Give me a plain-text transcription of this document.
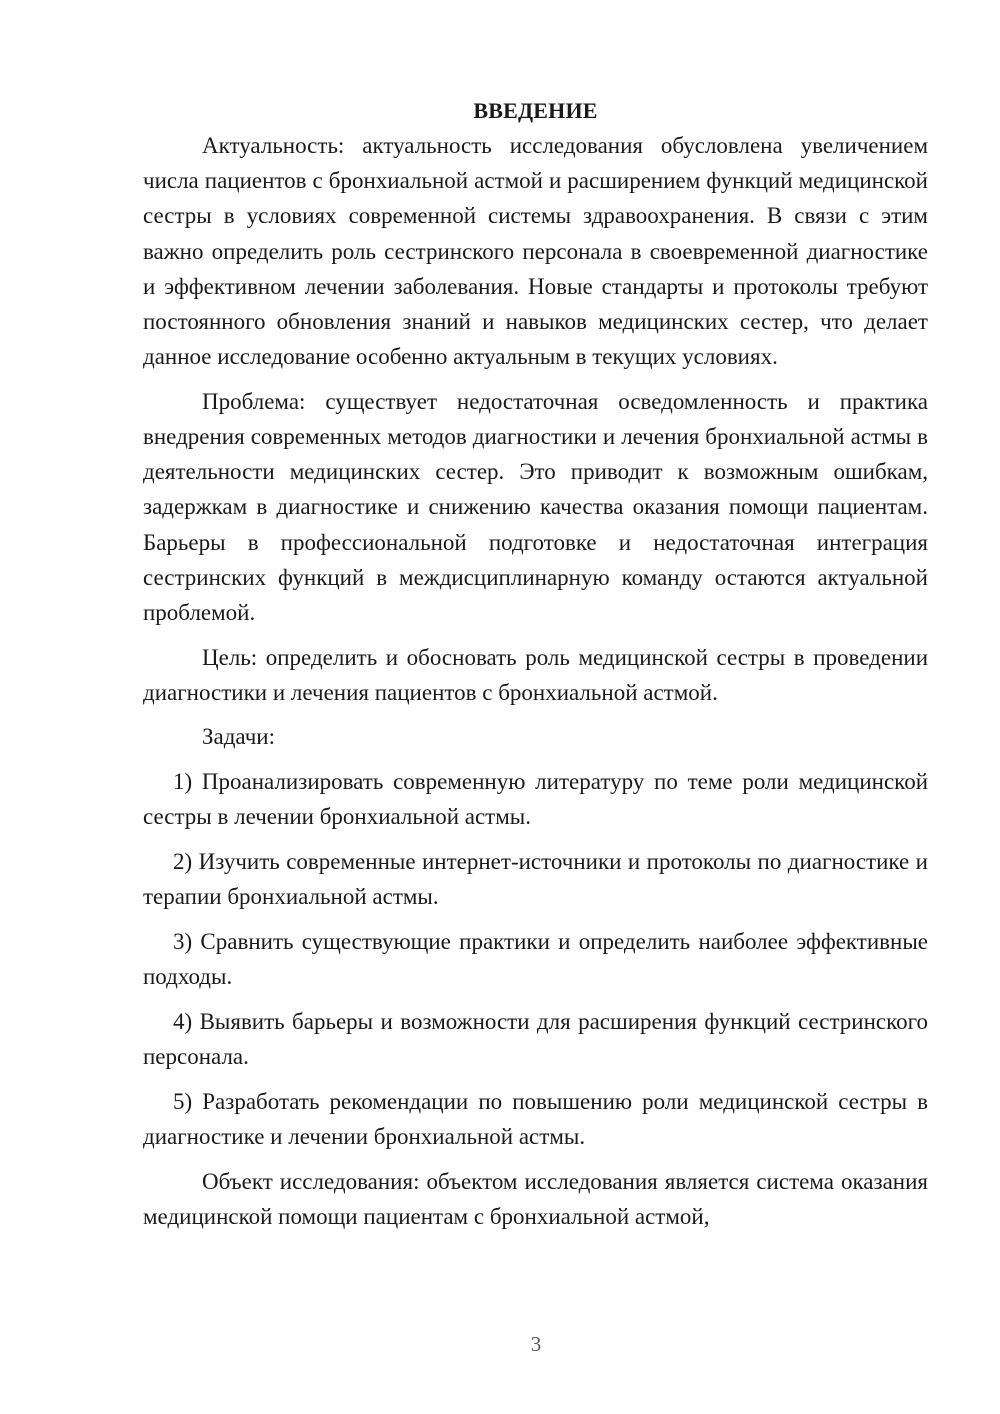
ВВЕДЕНИЕ

Актуальность: актуальность исследования обусловлена увеличением числа пациентов с бронхиальной астмой и расширением функций медицинской сестры в условиях современной системы здравоохранения. В связи с этим важно определить роль сестринского персонала в своевременной диагностике и эффективном лечении заболевания. Новые стандарты и протоколы требуют постоянного обновления знаний и навыков медицинских сестер, что делает данное исследование особенно актуальным в текущих условиях.

Проблема: существует недостаточная осведомленность и практика внедрения современных методов диагностики и лечения бронхиальной астмы в деятельности медицинских сестер. Это приводит к возможным ошибкам, задержкам в диагностике и снижению качества оказания помощи пациентам. Барьеры в профессиональной подготовке и недостаточная интеграция сестринских функций в междисциплинарную команду остаются актуальной проблемой.

Цель: определить и обосновать роль медицинской сестры в проведении диагностики и лечения пациентов с бронхиальной астмой.

Задачи:

1) Проанализировать современную литературу по теме роли медицинской сестры в лечении бронхиальной астмы.

2) Изучить современные интернет-источники и протоколы по диагностике и терапии бронхиальной астмы.

3) Сравнить существующие практики и определить наиболее эффективные подходы.

4) Выявить барьеры и возможности для расширения функций сестринского персонала.

5) Разработать рекомендации по повышению роли медицинской сестры в диагностике и лечении бронхиальной астмы.

Объект исследования: объектом исследования является система оказания медицинской помощи пациентам с бронхиальной астмой,

3
